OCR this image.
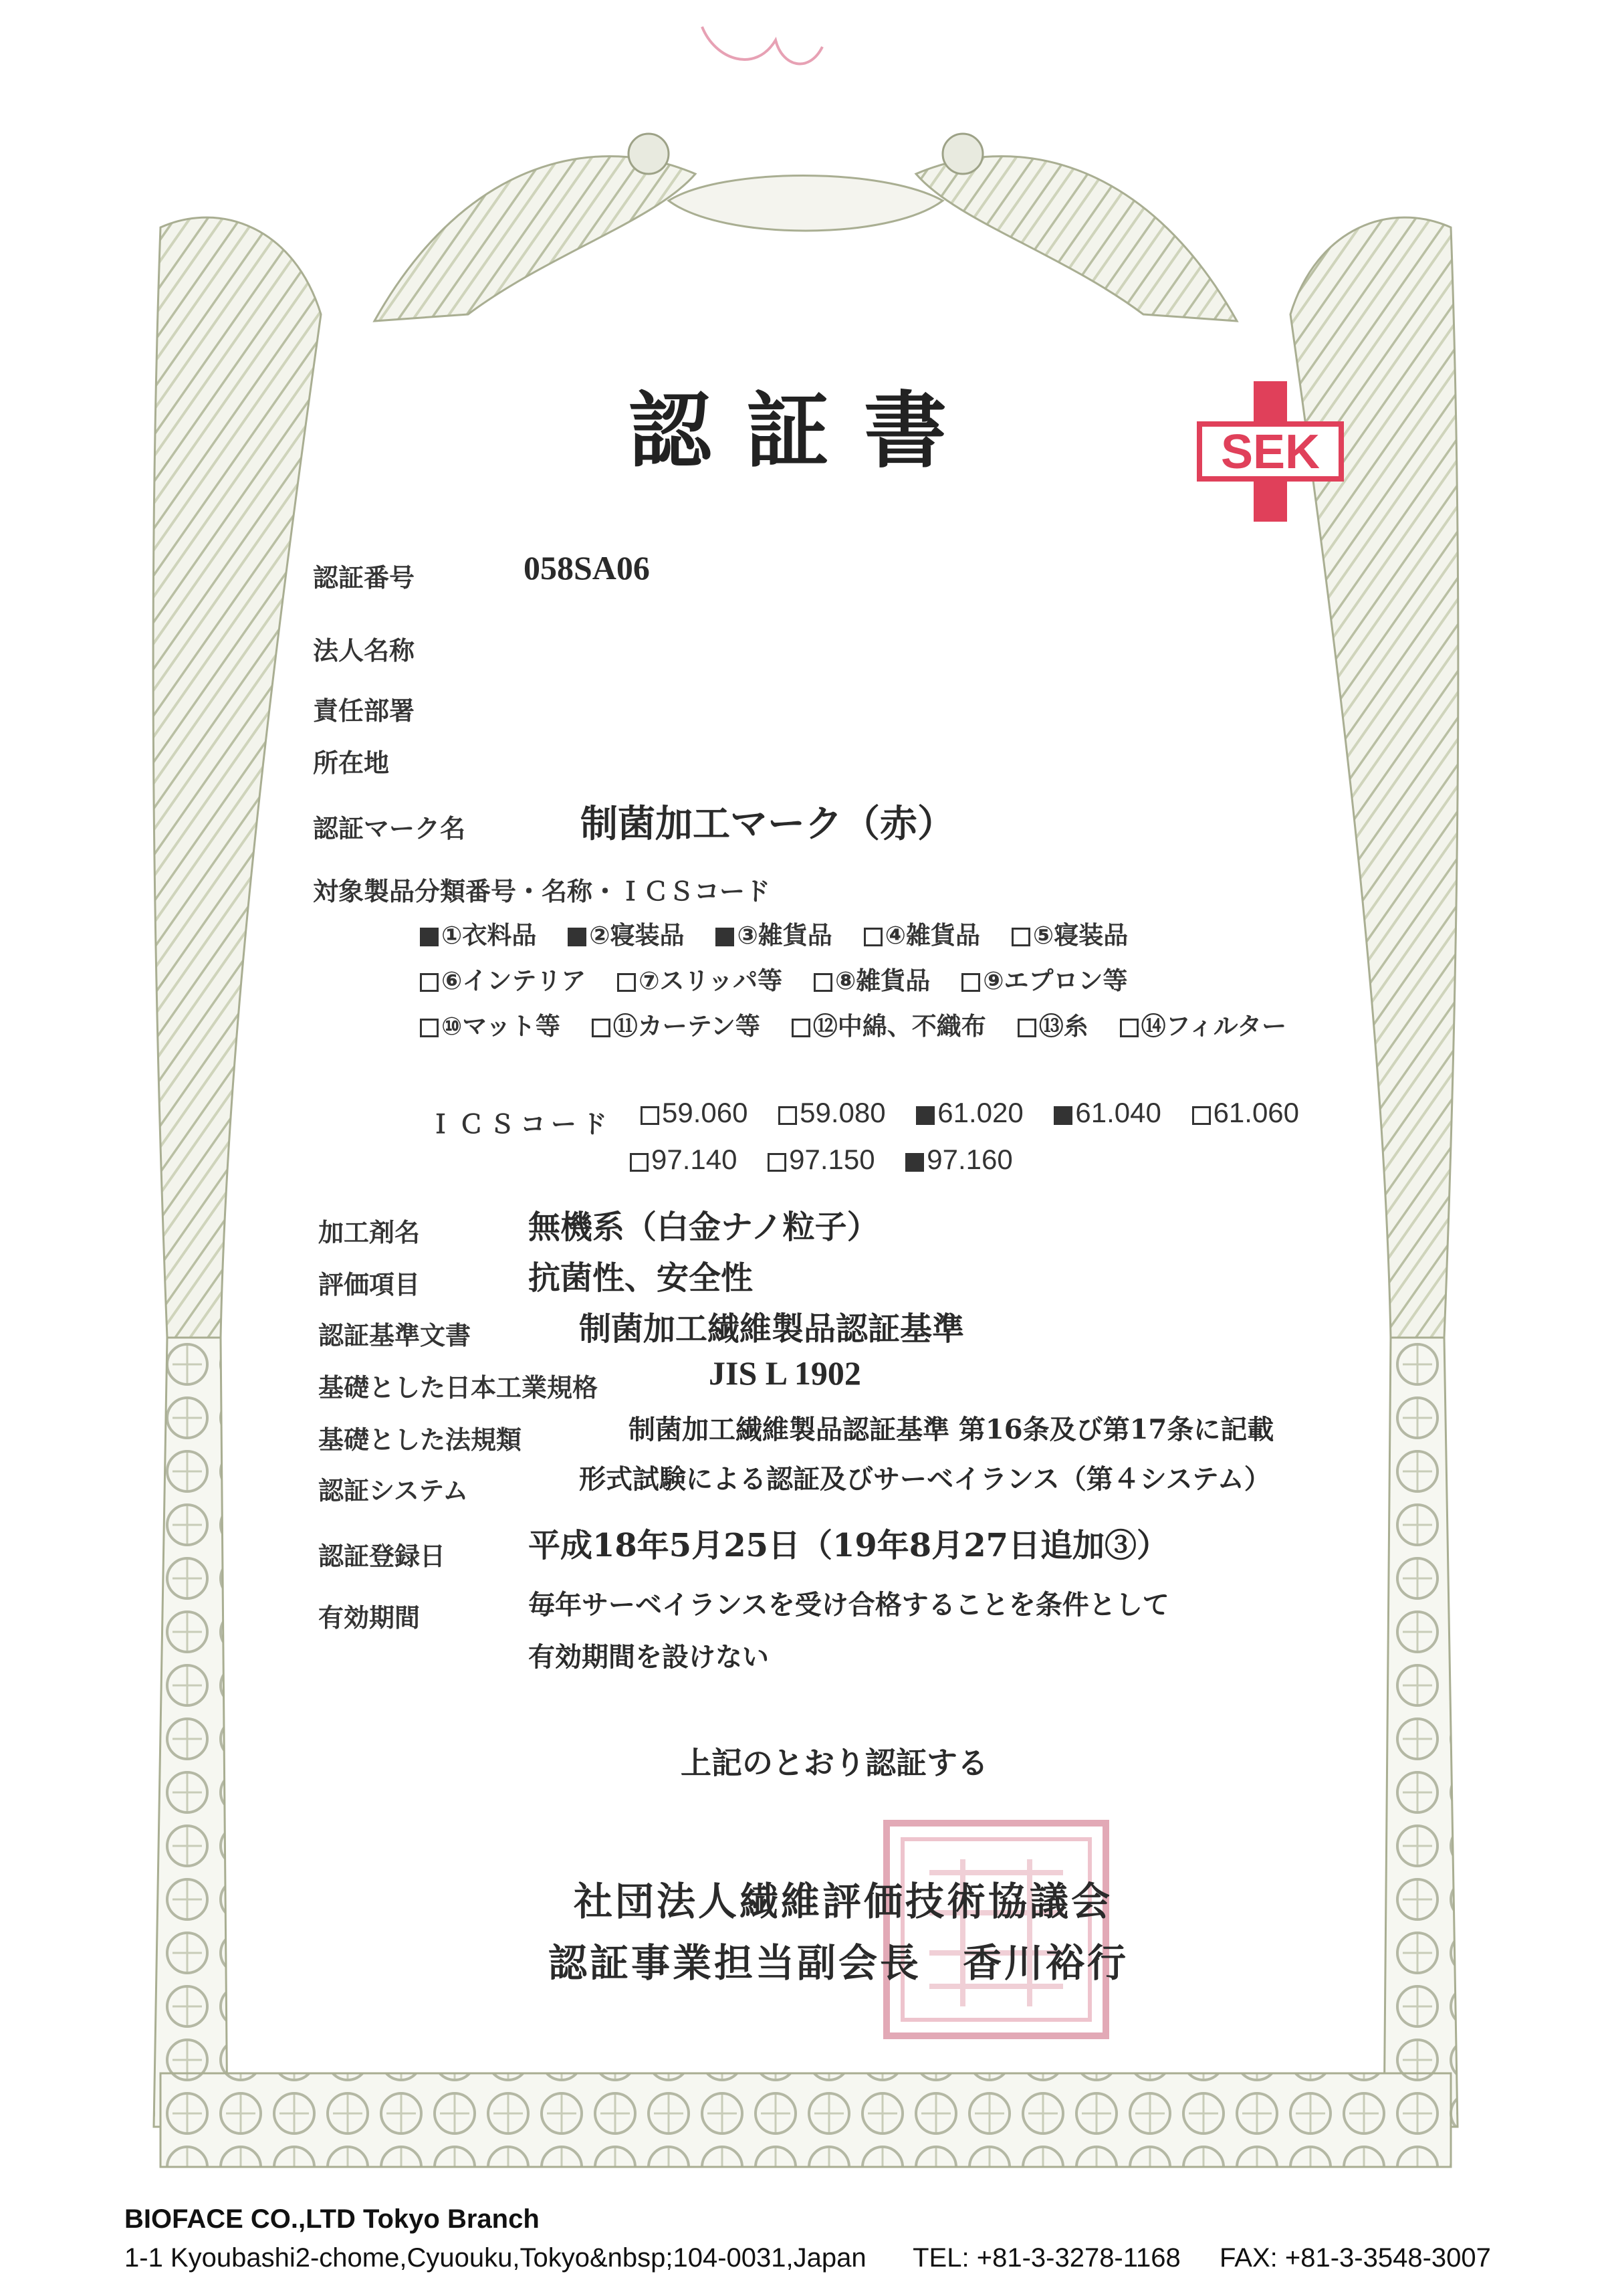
認証書	SEK
認証番号	058SA06
法人名称
責任部署
所在地
認証マーク名	制菌加工マーク（赤）
対象製品分類番号・名称・ＩＣＳコード
①衣料品 ②寝装品 ③雑貨品 ④雑貨品 ⑤寝装品
⑥インテリア ⑦スリッパ等 ⑧雑貨品 ⑨エプロン等
⑩マット等 ⑪カーテン等 ⑫中綿、不織布 ⑬糸 ⑭フィルター
ＩＣＳコード	59.060 59.080 61.020 61.040 61.060
97.140 97.150 97.160
加工剤名	無機系（白金ナノ粒子）
評価項目	抗菌性、安全性
認証基準文書	制菌加工繊維製品認証基準
基礎とした日本工業規格	JIS L 1902
基礎とした法規類	制菌加工繊維製品認証基準 第16条及び第17条に記載
認証システム	形式試験による認証及びサーベイランス（第４システム）
認証登録日	平成18年5月25日（19年8月27日追加③）
有効期間	毎年サーベイランスを受け合格することを条件として
有効期間を設けない
上記のとおり認証する
社団法人繊維評価技術協議会
認証事業担当副会長　香川裕行
BIOFACE CO.,LTD Tokyo Branch
1-1 Kyoubashi2-chome,Cyuouku,Tokyo&nbsp;104-0031,Japan TEL: +81-3-3278-1168 FAX: +81-3-3548-3007
